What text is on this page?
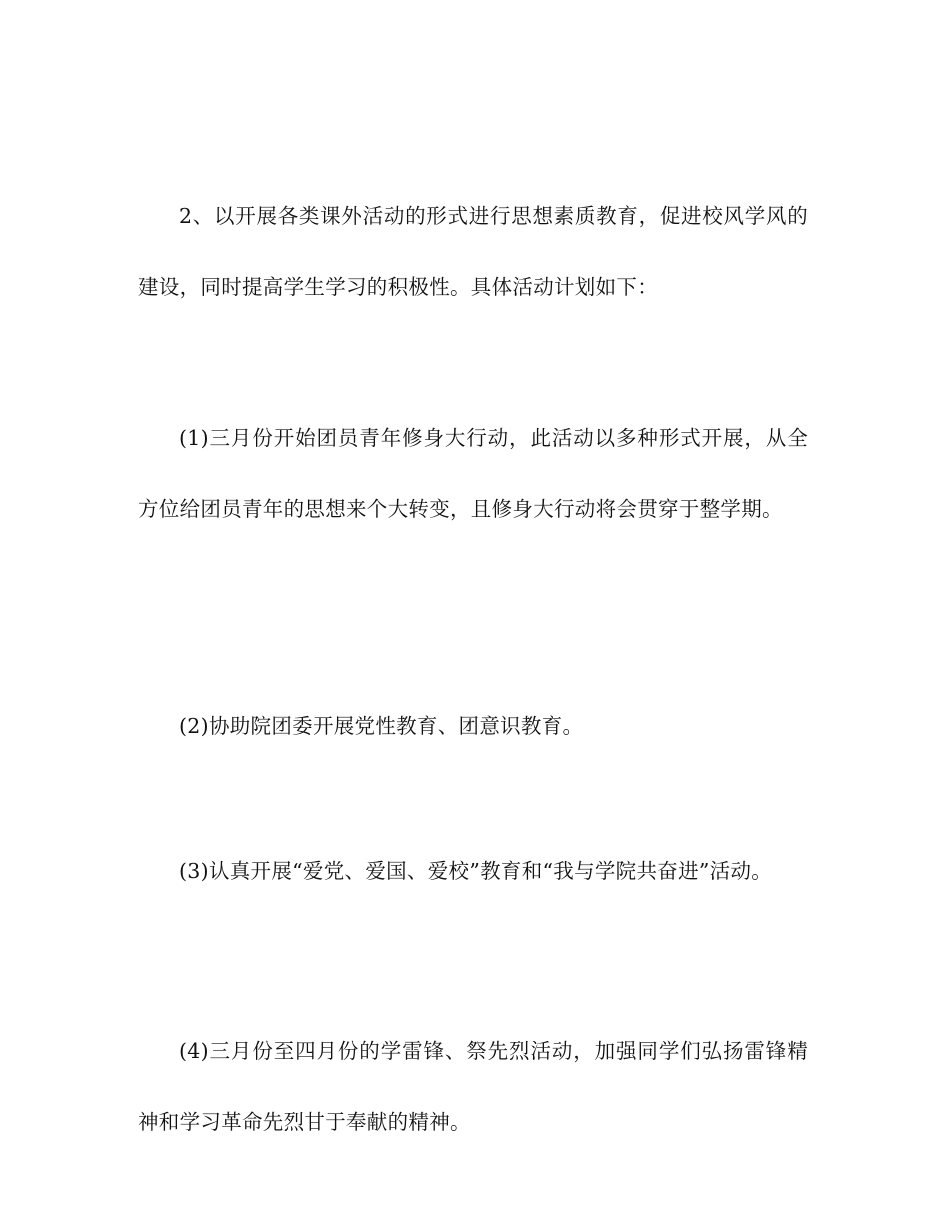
2、以开展各类课外活动的形式进行思想素质教育，促进校风学风的建设，同时提高学生学习的积极性。具体活动计划如下：

(1)三月份开始团员青年修身大行动，此活动以多种形式开展，从全方位给团员青年的思想来个大转变，且修身大行动将会贯穿于整学期。

(2)协助院团委开展党性教育、团意识教育。

(3)认真开展“爱党、爱国、爱校”教育和“我与学院共奋进”活动。

(4)三月份至四月份的学雷锋、祭先烈活动，加强同学们弘扬雷锋精神和学习革命先烈甘于奉献的精神。
